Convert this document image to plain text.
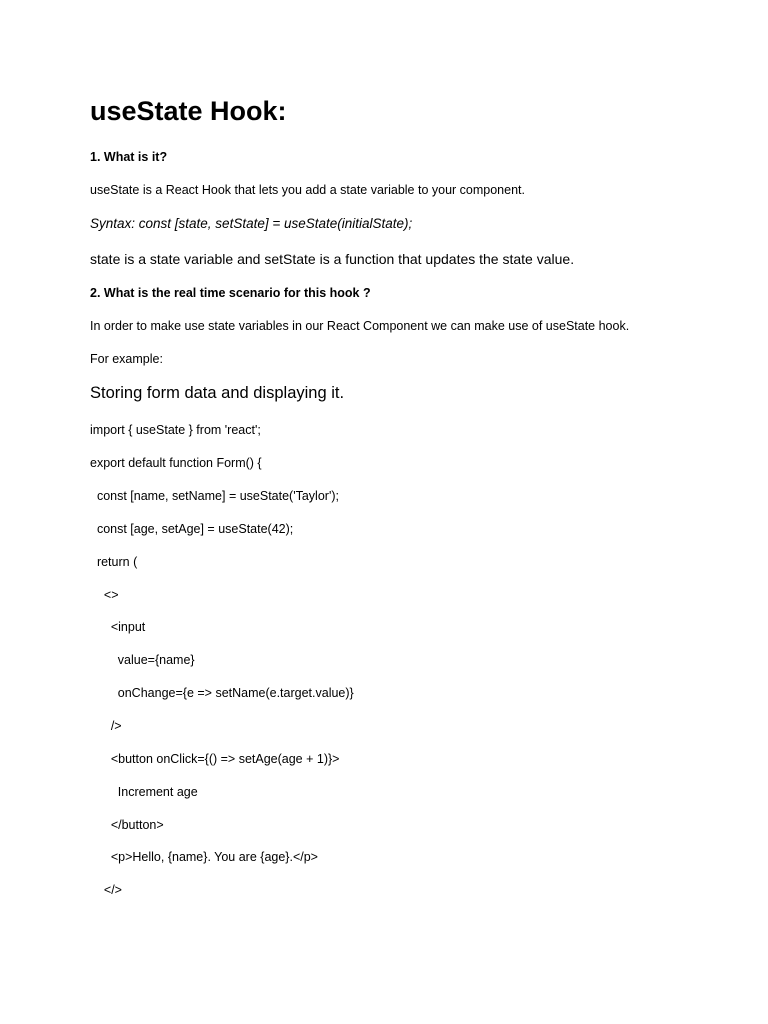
useState Hook:
1. What is it?
useState is a React Hook that lets you add a state variable to your component.
Syntax: const [state, setState] = useState(initialState);
state is a state variable and setState is a function that updates the state value.
2. What is the real time scenario for this hook ?
In order to make use state variables in our React Component we can make use of useState hook.
For example:
Storing form data and displaying it.
import { useState } from 'react';
export default function Form() {
const [name, setName] = useState('Taylor');
const [age, setAge] = useState(42);
return (
<>
<input
value={name}
onChange={e => setName(e.target.value)}
/>
<button onClick={() => setAge(age + 1)}>
Increment age
</button>
<p>Hello, {name}. You are {age}.</p>
</>
